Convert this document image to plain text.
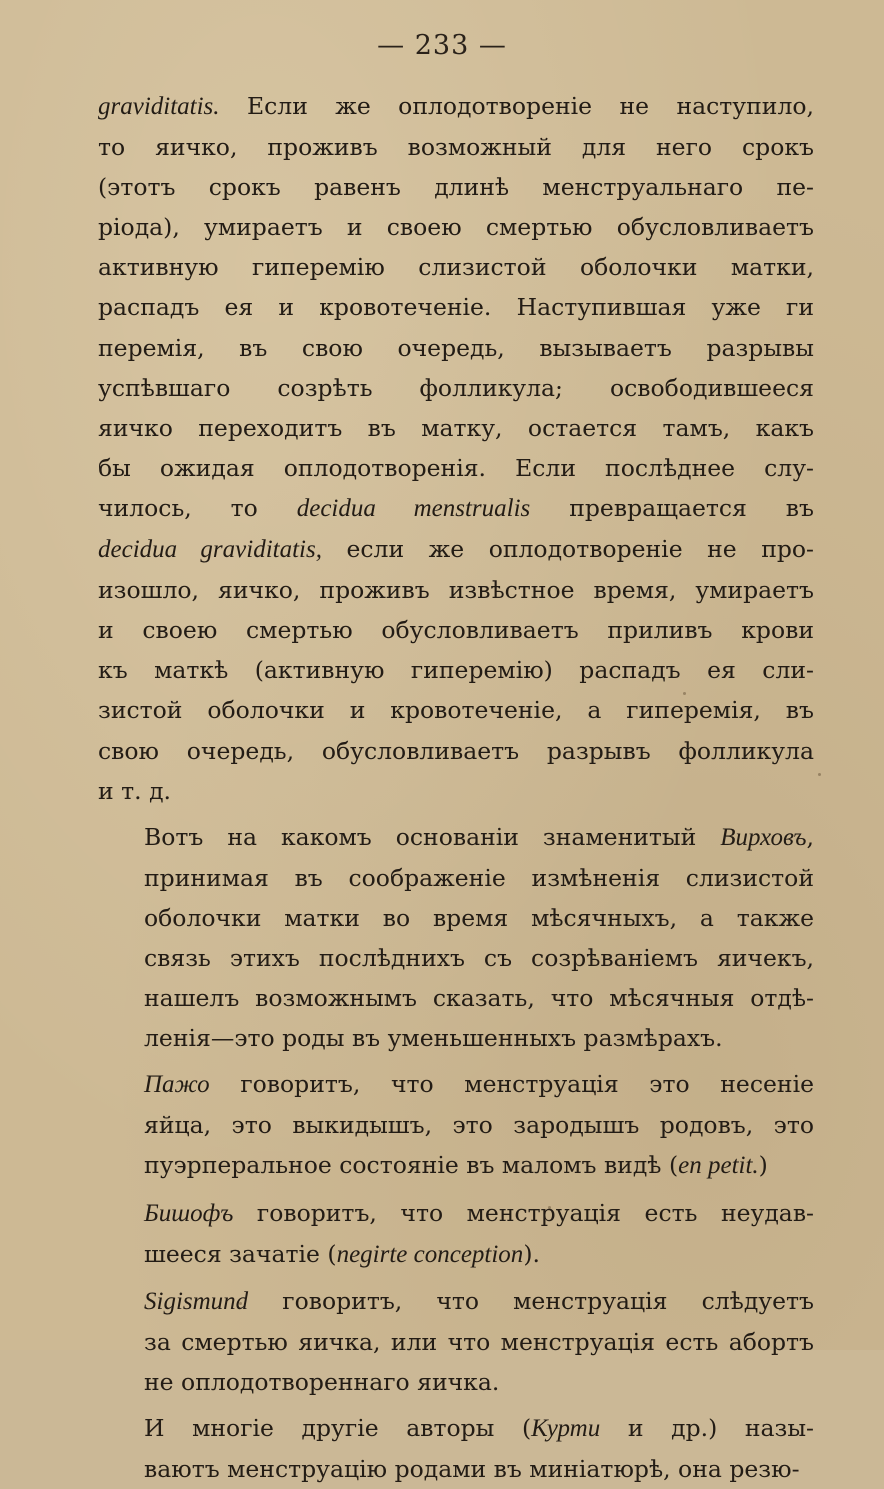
— 233 —
graviditatis. Если же оплодотвореніе не наступило,
то яичко, проживъ возможный для него срокъ
(этотъ срокъ равенъ длинѣ менструальнаго пе-
ріода), умираетъ и своею смертью обусловливаетъ
активную гиперемію слизистой оболочки матки,
распадъ ея и кровотеченіе. Наступившая уже ги
перемія, въ свою очередь, вызываетъ разрывы
успѣвшаго созрѣть фолликула; освободившееся
яичко переходитъ въ матку, остается тамъ, какъ
бы ожидая оплодотворенія. Если послѣднее слу-
чилось, то decidua menstrualis превращается въ
decidua graviditatis, если же оплодотвореніе не про-
изошло, яичко, проживъ извѣстное время, умираетъ
и своею смертью обусловливаетъ приливъ крови
къ маткѣ (активную гиперемію) распадъ ея сли-
зистой оболочки и кровотеченіе, а гиперемія, въ
свою очередь, обусловливаетъ разрывъ фолликула
и т. д.
Вотъ на какомъ основаніи знаменитый Вирховъ,
принимая въ соображеніе измѣненія слизистой
оболочки матки во время мѣсячныхъ, а также
связь этихъ послѣднихъ съ созрѣваніемъ яичекъ,
нашелъ возможнымъ сказать, что мѣсячныя отдѣ-
ленія—это роды въ уменьшенныхъ размѣрахъ.
Пажо говоритъ, что менструація это несеніе
яйца, это выкидышъ, это зародышъ родовъ, это
пуэрперальное состояніе въ маломъ видѣ (en petit.)
Бишофъ говоритъ, что менструація есть неудав-
шееся зачатіе (negirte conception).
Sigismund говоритъ, что менструація слѣдуетъ
за смертью яичка, или что менструація есть абортъ
не оплодотвореннаго яичка.
И многіе другіе авторы (Курти и др.) назы-
ваютъ менструацію родами въ миніатюрѣ, она резю-
